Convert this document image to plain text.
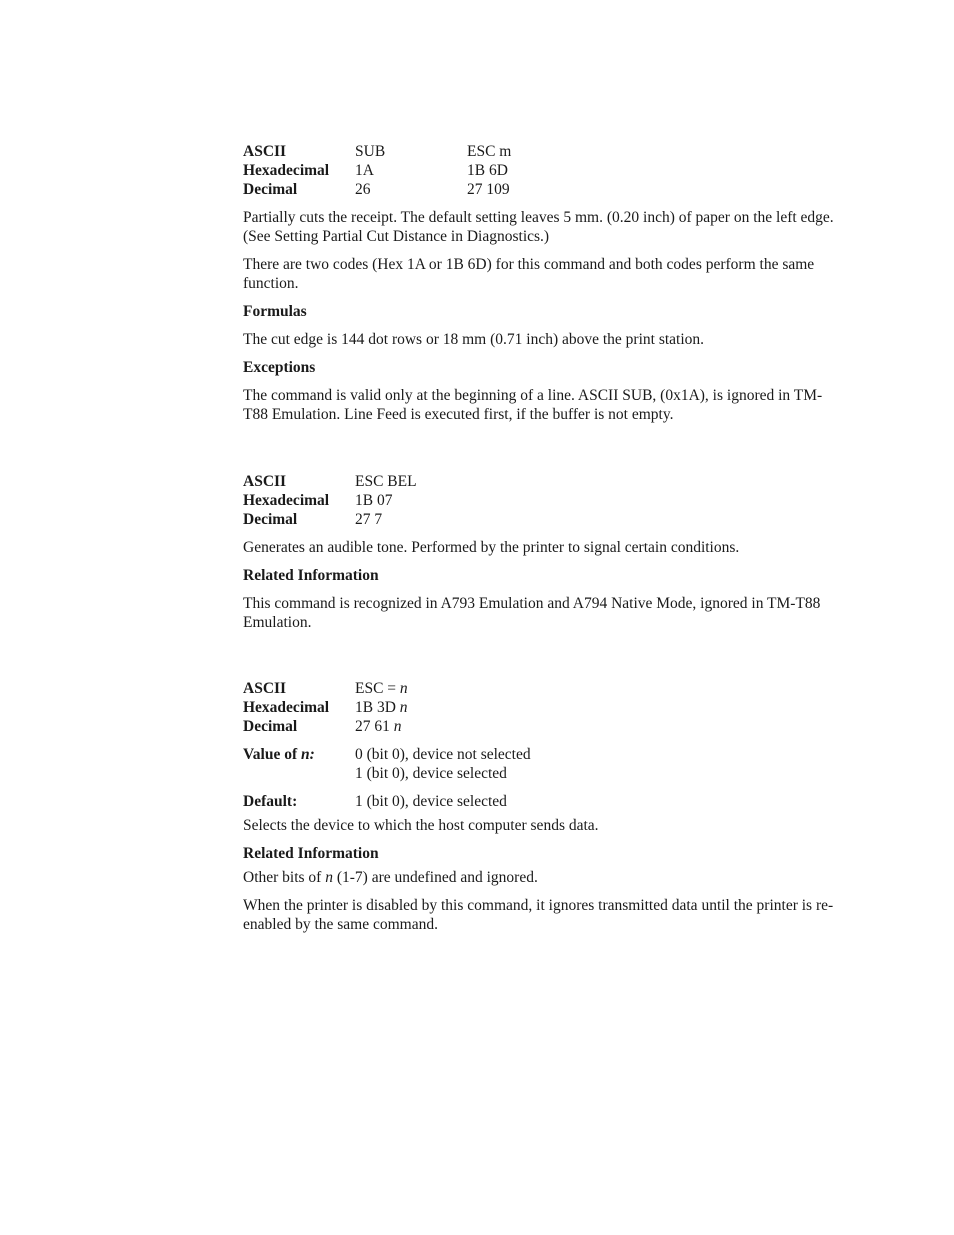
ASCII	SUB	ESC m
Hexadecimal	1A	1B 6D
Decimal	26	27 109

Partially cuts the receipt. The default setting leaves 5 mm. (0.20 inch) of paper on the left edge. (See Setting Partial Cut Distance in Diagnostics.)

There are two codes (Hex 1A or 1B 6D) for this command and both codes perform the same function.

Formulas

The cut edge is 144 dot rows or 18 mm (0.71 inch) above the print station.

Exceptions

The command is valid only at the beginning of a line. ASCII SUB, (0x1A), is ignored in TM-T88 Emulation. Line Feed is executed first, if the buffer is not empty.

ASCII	ESC BEL
Hexadecimal	1B 07
Decimal	27 7

Generates an audible tone. Performed by the printer to signal certain conditions.

Related Information

This command is recognized in A793 Emulation and A794 Native Mode, ignored in TM-T88 Emulation.

ASCII	ESC = n
Hexadecimal	1B 3D n
Decimal	27 61 n
Value of n:	0 (bit 0), device not selected
1 (bit 0), device selected

Default:	1 (bit 0), device selected

Selects the device to which the host computer sends data.

Related Information

Other bits of n (1-7) are undefined and ignored.

When the printer is disabled by this command, it ignores transmitted data until the printer is re-enabled by the same command.
